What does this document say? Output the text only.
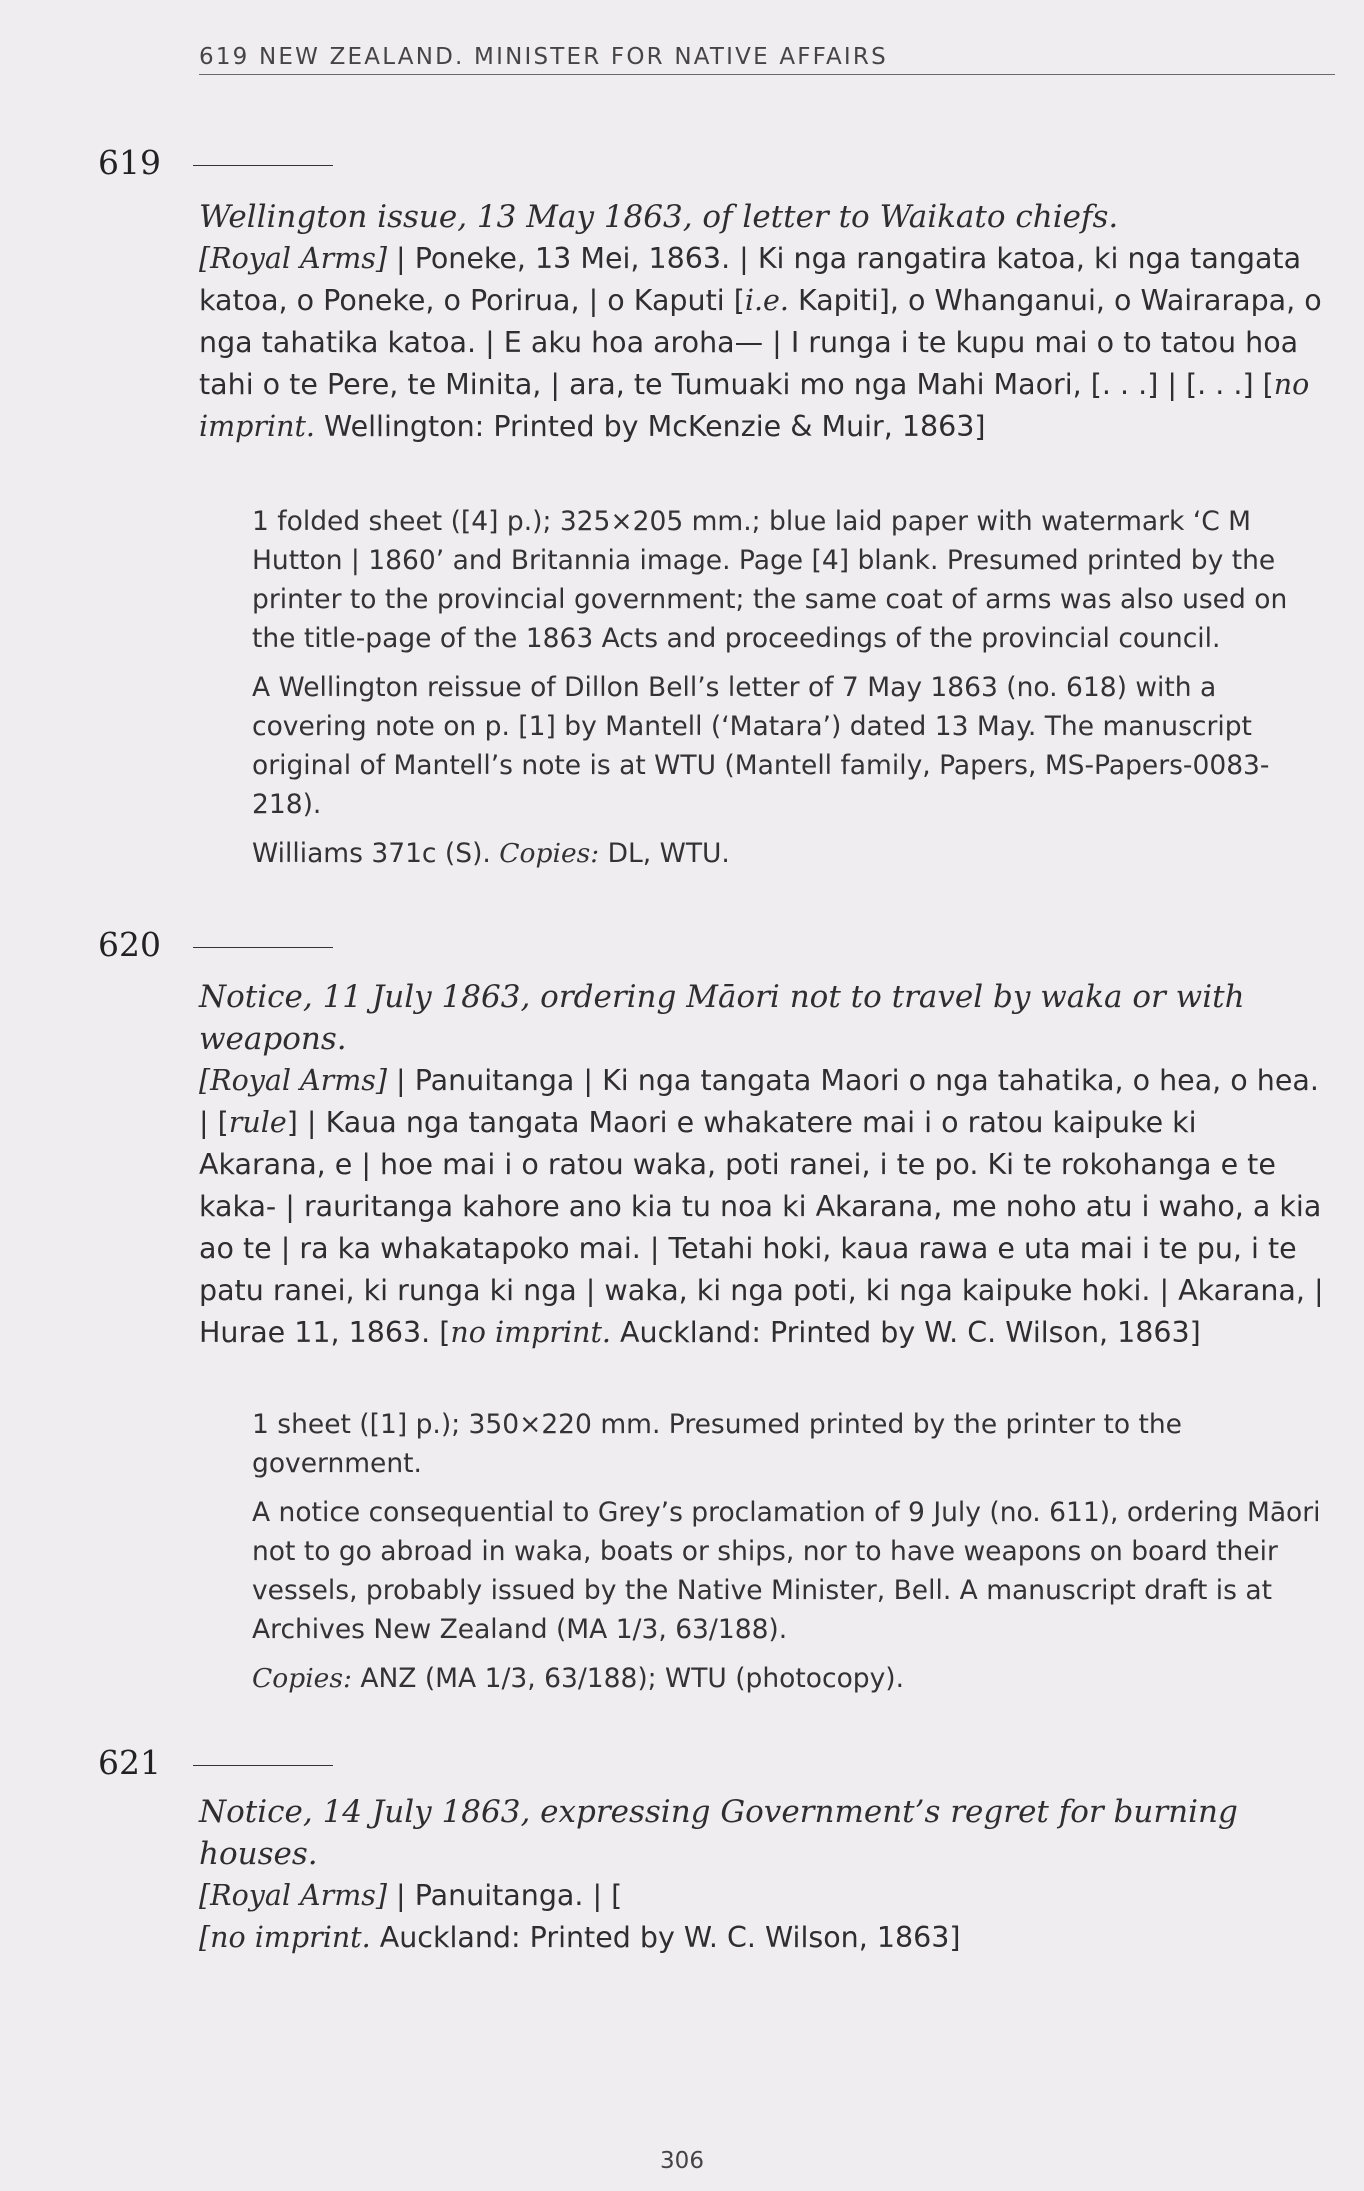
619 NEW ZEALAND. MINISTER FOR NATIVE AFFAIRS
619
Wellington issue, 13 May 1863, of letter to Waikato chiefs.
[Royal Arms] | Poneke, 13 Mei, 1863. | Ki nga rangatira katoa, ki nga tangata katoa, o Poneke, o Porirua, | o Kaputi [i.e. Kapiti], o Whanganui, o Wairarapa, o nga tahatika katoa. | E aku hoa aroha— | I runga i te kupu mai o to tatou hoa tahi o te Pere, te Minita, | ara, te Tumuaki mo nga Mahi Maori, [. . .] | [. . .] [no imprint. Wellington: Printed by McKenzie & Muir, 1863]

1 folded sheet ([4] p.); 325×205 mm.; blue laid paper with watermark ‘C M Hutton | 1860’ and Britannia image. Page [4] blank. Presumed printed by the printer to the provincial government; the same coat of arms was also used on the title-page of the 1863 Acts and proceedings of the provincial council.

A Wellington reissue of Dillon Bell’s letter of 7 May 1863 (no. 618) with a covering note on p. [1] by Mantell (‘Matara’) dated 13 May. The manuscript original of Mantell’s note is at WTU (Mantell family, Papers, MS-Papers-0083-218).

Williams 371c (S). Copies: DL, WTU.

620
Notice, 11 July 1863, ordering Māori not to travel by waka or with weapons.
[Royal Arms] | Panuitanga | Ki nga tangata Maori o nga tahatika, o hea, o hea. | [rule] | Kaua nga tangata Maori e whakatere mai i o ratou kaipuke ki Akarana, e | hoe mai i o ratou waka, poti ranei, i te po. Ki te rokohanga e te kaka- | rauritanga kahore ano kia tu noa ki Akarana, me noho atu i waho, a kia ao te | ra ka whakatapoko mai. | Tetahi hoki, kaua rawa e uta mai i te pu, i te patu ranei, ki runga ki nga | waka, ki nga poti, ki nga kaipuke hoki. | Akarana, | Hurae 11, 1863. [no imprint. Auckland: Printed by W. C. Wilson, 1863]

1 sheet ([1] p.); 350×220 mm. Presumed printed by the printer to the government.

A notice consequential to Grey’s proclamation of 9 July (no. 611), ordering Māori not to go abroad in waka, boats or ships, nor to have weapons on board their vessels, probably issued by the Native Minister, Bell. A manuscript draft is at Archives New Zealand (MA 1/3, 63/188).

Copies: ANZ (MA 1/3, 63/188); WTU (photocopy).

621
Notice, 14 July 1863, expressing Government’s regret for burning houses.
[Royal Arms] | Panuitanga. | [
[no imprint. Auckland: Printed by W. C. Wilson, 1863]
306
